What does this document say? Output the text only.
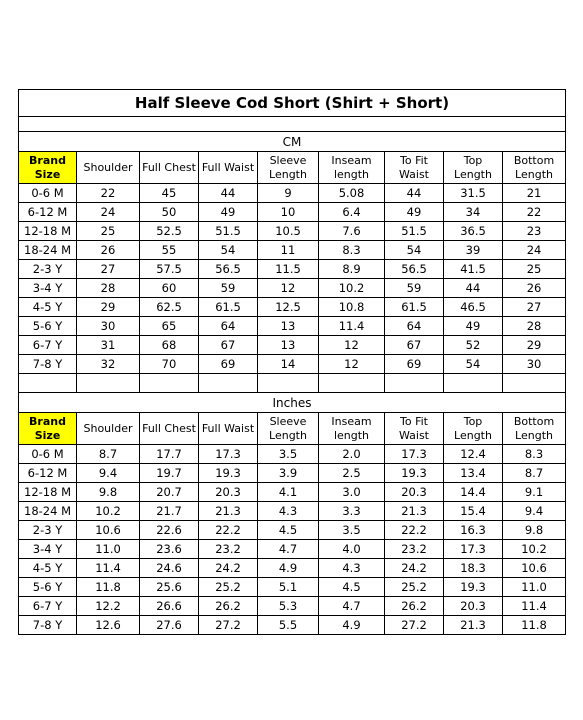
Half Sleeve Cod Short (Shirt + Short)								

CM								
Brand Size	Shoulder	Full Chest	Full Waist	Sleeve Length	Inseam length	To Fit Waist	Top Length	Bottom Length
0-6 M	22	45	44	9	5.08	44	31.5	21
6-12 M	24	50	49	10	6.4	49	34	22
12-18 M	25	52.5	51.5	10.5	7.6	51.5	36.5	23
18-24 M	26	55	54	11	8.3	54	39	24
2-3 Y	27	57.5	56.5	11.5	8.9	56.5	41.5	25
3-4 Y	28	60	59	12	10.2	59	44	26
4-5 Y	29	62.5	61.5	12.5	10.8	61.5	46.5	27
5-6 Y	30	65	64	13	11.4	64	49	28
6-7 Y	31	68	67	13	12	67	52	29
7-8 Y	32	70	69	14	12	69	54	30

Inches								
Brand Size	Shoulder	Full Chest	Full Waist	Sleeve Length	Inseam length	To Fit Waist	Top Length	Bottom Length
0-6 M	8.7	17.7	17.3	3.5	2.0	17.3	12.4	8.3
6-12 M	9.4	19.7	19.3	3.9	2.5	19.3	13.4	8.7
12-18 M	9.8	20.7	20.3	4.1	3.0	20.3	14.4	9.1
18-24 M	10.2	21.7	21.3	4.3	3.3	21.3	15.4	9.4
2-3 Y	10.6	22.6	22.2	4.5	3.5	22.2	16.3	9.8
3-4 Y	11.0	23.6	23.2	4.7	4.0	23.2	17.3	10.2
4-5 Y	11.4	24.6	24.2	4.9	4.3	24.2	18.3	10.6
5-6 Y	11.8	25.6	25.2	5.1	4.5	25.2	19.3	11.0
6-7 Y	12.2	26.6	26.2	5.3	4.7	26.2	20.3	11.4
7-8 Y	12.6	27.6	27.2	5.5	4.9	27.2	21.3	11.8
